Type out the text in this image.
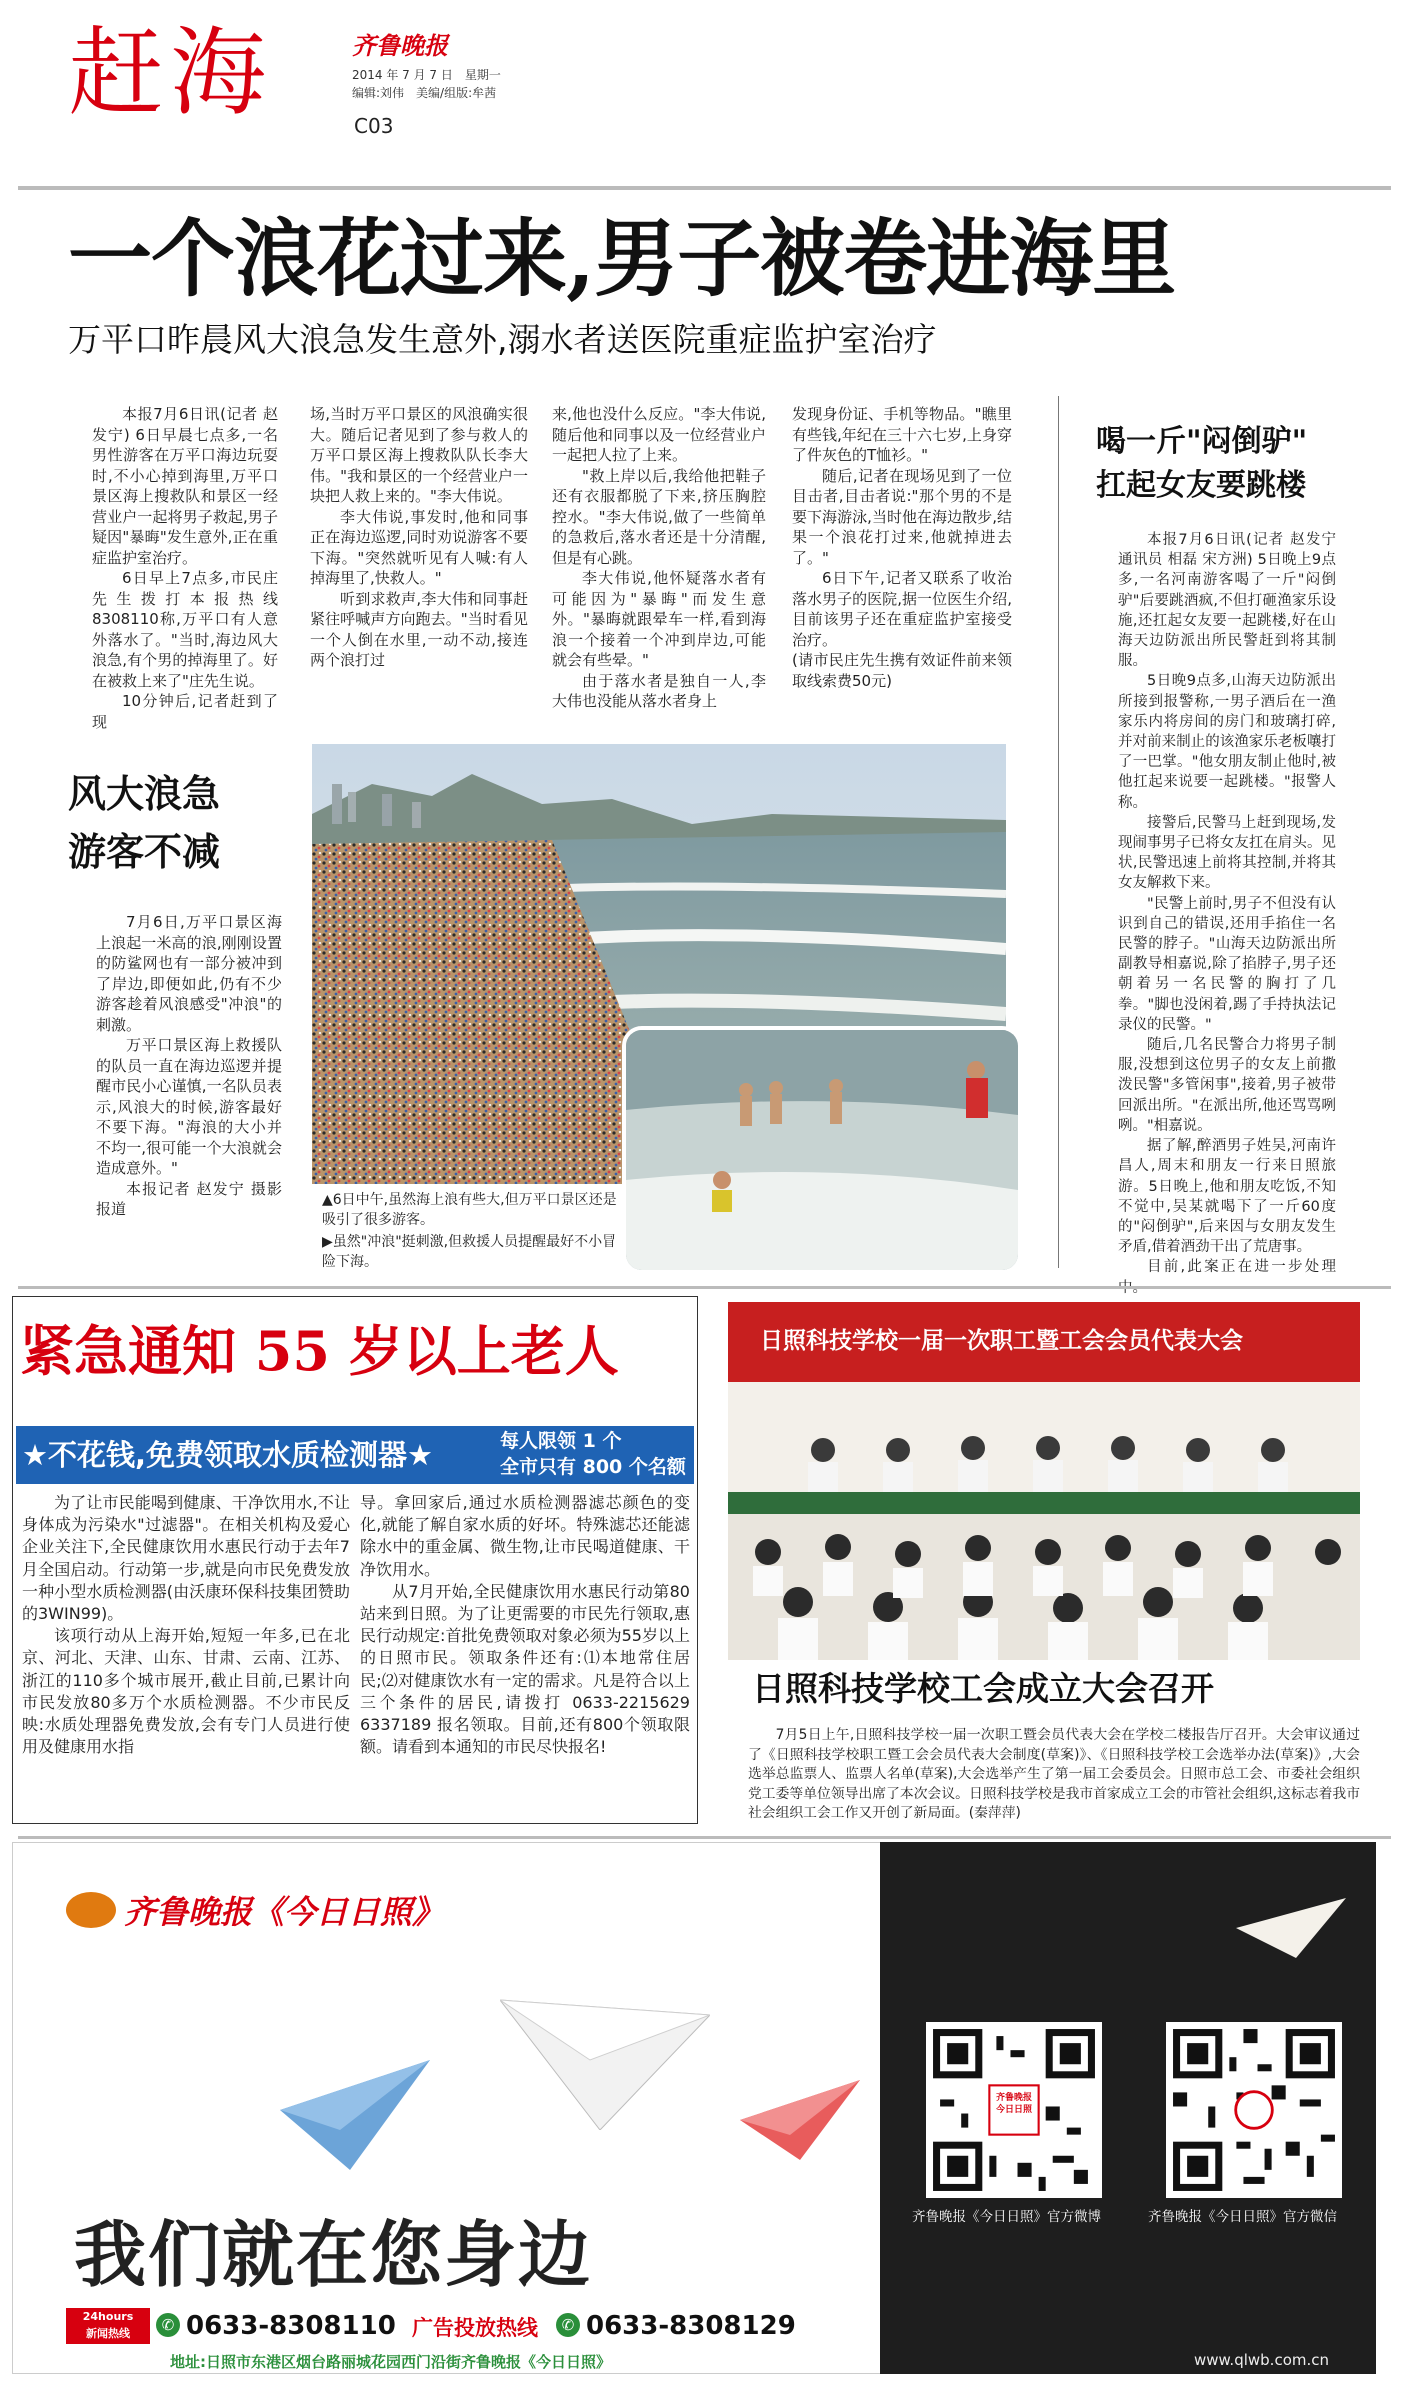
赶海	齐鲁晚报
2014 年 7 月 7 日　星期一
编辑:刘伟　美编/组版:牟茜
C03
一个浪花过来,男子被卷进海里
万平口昨晨风大浪急发生意外,溺水者送医院重症监护室治疗

本报7月6日讯(记者 赵发宁) 6日早晨七点多,一名男性游客在万平口海边玩耍时,不小心掉到海里,万平口景区海上搜救队和景区一经营业户一起将男子救起,男子疑因"暴晦"发生意外,正在重症监护室治疗。

6日早上7点多,市民庄先生拨打本报热线8308110称,万平口有人意外落水了。"当时,海边风大浪急,有个男的掉海里了。好在被救上来了"庄先生说。

10分钟后,记者赶到了现

场,当时万平口景区的风浪确实很大。随后记者见到了参与救人的万平口景区海上搜救队队长李大伟。"我和景区的一个经营业户一块把人救上来的。"李大伟说。

李大伟说,事发时,他和同事正在海边巡逻,同时劝说游客不要下海。"突然就听见有人喊:有人掉海里了,快救人。"

听到求救声,李大伟和同事赶紧往呼喊声方向跑去。"当时看见一个人倒在水里,一动不动,接连两个浪打过

来,他也没什么反应。"李大伟说,随后他和同事以及一位经营业户一起把人拉了上来。

"救上岸以后,我给他把鞋子还有衣服都脱了下来,挤压胸腔控水。"李大伟说,做了一些简单的急救后,落水者还是十分清醒,但是有心跳。

李大伟说,他怀疑落水者有可能因为"暴晦"而发生意外。"暴晦就跟晕车一样,看到海浪一个接着一个冲到岸边,可能就会有些晕。"

由于落水者是独自一人,李大伟也没能从落水者身上

发现身份证、手机等物品。"瞧里有些钱,年纪在三十六七岁,上身穿了件灰色的T恤衫。"

随后,记者在现场见到了一位目击者,目击者说:"那个男的不是要下海游泳,当时他在海边散步,结果一个浪花打过来,他就掉进去了。"

6日下午,记者又联系了收治落水男子的医院,据一位医生介绍,目前该男子还在重症监护室接受治疗。

(请市民庄先生携有效证件前来领取线索费50元)

喝一斤"闷倒驴"
扛起女友要跳楼

本报7月6日讯(记者 赵发宁 通讯员 相磊 宋方洲) 5日晚上9点多,一名河南游客喝了一斤"闷倒驴"后要跳酒疯,不但打砸渔家乐设施,还扛起女友要一起跳楼,好在山海天边防派出所民警赶到将其制服。

5日晚9点多,山海天边防派出所接到报警称,一男子酒后在一渔家乐内将房间的房门和玻璃打碎,并对前来制止的该渔家乐老板嚷打了一巴掌。"他女朋友制止他时,被他扛起来说要一起跳楼。"报警人称。

接警后,民警马上赶到现场,发现闹事男子已将女友扛在肩头。见状,民警迅速上前将其控制,并将其女友解救下来。

"民警上前时,男子不但没有认识到自己的错误,还用手掐住一名民警的脖子。"山海天边防派出所副教导相嘉说,除了掐脖子,男子还朝着另一名民警的胸打了几拳。"脚也没闲着,踢了手持执法记录仪的民警。"

随后,几名民警合力将男子制服,没想到这位男子的女友上前撒泼民警"多管闲事",接着,男子被带回派出所。"在派出所,他还骂骂咧咧。"相嘉说。

据了解,醉酒男子姓吴,河南许昌人,周末和朋友一行来日照旅游。5日晚上,他和朋友吃饭,不知不觉中,吴某就喝下了一斤60度的"闷倒驴",后来因与女朋友发生矛盾,借着酒劲干出了荒唐事。

目前,此案正在进一步处理

风大浪急
游客不减

7月6日,万平口景区海上浪起一米高的浪,刚刚设置的防鲨网也有一部分被冲到了岸边,即便如此,仍有不少游客趁着风浪感受"冲浪"的刺激。

万平口景区海上救援队的队员一直在海边巡逻并提醒市民小心谨慎,一名队员表示,风浪大的时候,游客最好不要下海。"海浪的大小并不均一,很可能一个大浪就会造成意外。"

本报记者 赵发宁 摄影报道	▲6日中午,虽然海上浪有些大,但万平口景区还是吸引了很多游客。
▶虽然"冲浪"挺刺激,但救援人员提醒最好不小冒险下海。
紧急通知 55 岁以上老人
★不花钱,免费领取水质检测器★	每人限领 1 个
全市只有 800 个名额

为了让市民能喝到健康、干净饮用水,不让身体成为污染水"过滤器"。在相关机构及爱心企业关注下,全民健康饮用水惠民行动于去年7月全国启动。行动第一步,就是向市民免费发放一种小型水质检测器(由沃康环保科技集团赞助的3WIN99)。

该项行动从上海开始,短短一年多,已在北京、河北、天津、山东、甘肃、云南、江苏、浙江的110多个城市展开,截止目前,已累计向市民发放80多万个水质检测器。不少市民反映:水质处理器免费发放,会有专门人员进行使用及健康用水指

导。拿回家后,通过水质检测器滤芯颜色的变化,就能了解自家水质的好坏。特殊滤芯还能滤除水中的重金属、微生物,让市民喝道健康、干净饮用水。

从7月开始,全民健康饮用水惠民行动第80站来到日照。为了让更需要的市民先行领取,惠民行动规定:首批免费领取对象必须为55岁以上的日照市民。领取条件还有:⑴本地常住居民;⑵对健康饮水有一定的需求。凡是符合以上三个条件的居民,请拨打 0633-2215629 6337189 报名领取。目前,还有800个领取限额。请看到本通知的市民尽快报名!

日照科技学校一届一次职工暨工会会员代表大会
日照科技学校工会成立大会召开

7月5日上午,日照科技学校一届一次职工暨会员代表大会在学校二楼报告厅召开。大会审议通过了《日照科技学校职工暨工会会员代表大会制度(草案)》、《日照科技学校工会选举办法(草案)》,大会选举总监票人、监票人名单(草案),大会选举产生了第一届工会委员会。日照市总工会、市委社会组织党工委等单位领导出席了本次会议。日照科技学校是我市首家成立工会的市管社会组织,这标志着我市社会组织工会工作又开创了新局面。(秦萍萍)

齐鲁晚报《今日日照》
我们就在您身边
24hours
新闻热线	✆ 0633-8308110 广告投放热线	✆ 0633-8308129
地址:日照市东港区烟台路丽城花园西门沿街齐鲁晚报《今日日照》
齐鲁晚报 今日日照
齐鲁晚报《今日日照》官方微博	齐鲁晚报《今日日照》官方微信
www.qlwb.com.cn
